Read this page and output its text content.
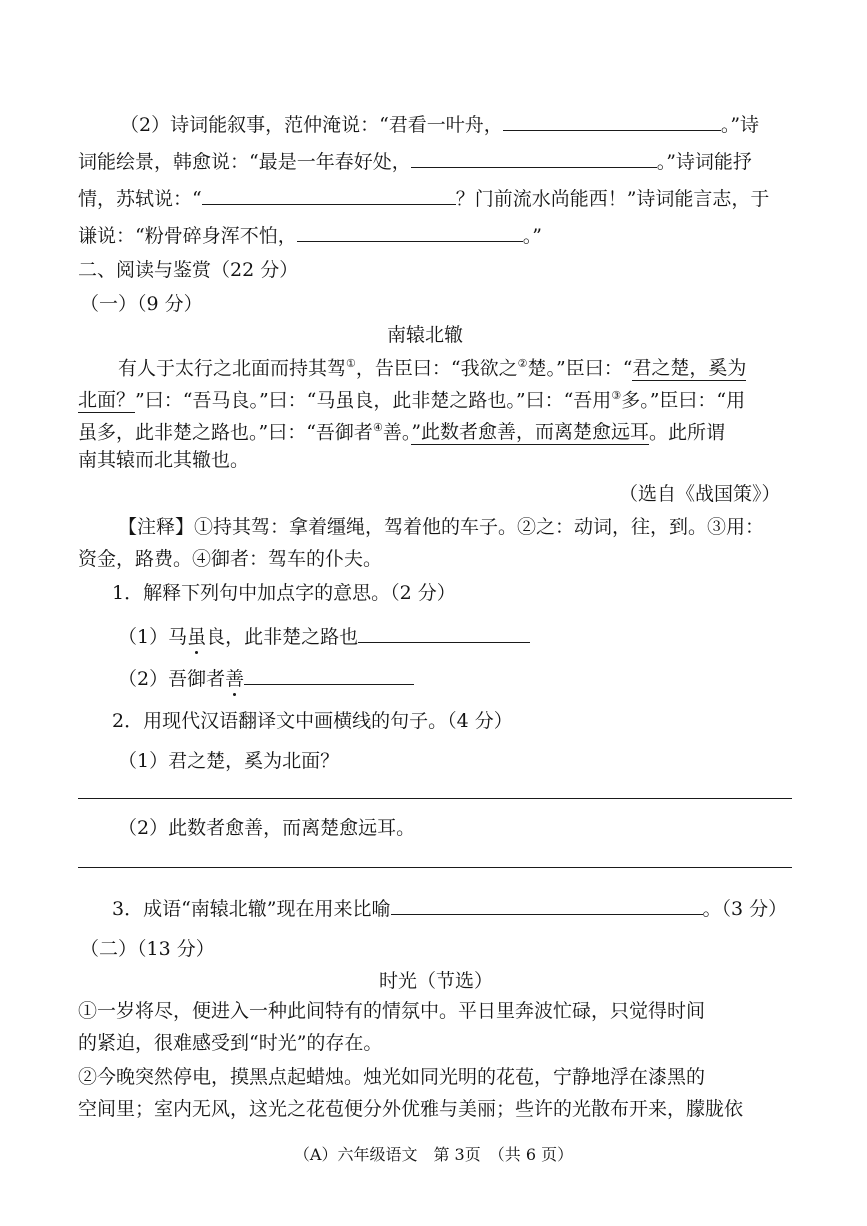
（2）诗词能叙事，范仲淹说：“君看一叶舟，	。”诗
词能绘景，韩愈说：“最是一年春好处，	。”诗词能抒
情，苏轼说：“	？门前流水尚能西！”诗词能言志，于
谦说：“粉骨碎身浑不怕，	。”
二、阅读与鉴赏（22 分）
（一）（9 分）
南辕北辙
有人于太行之北面而持其驾①，告臣曰：“我欲之②楚。”臣曰：“君之楚，奚为
北面？”曰：“吾马良。”曰：“马虽良，此非楚之路也。”曰：“吾用③多。”臣曰：“用
虽多，此非楚之路也。”曰：“吾御者④善。”此数者愈善，而离楚愈远耳。此所谓
南其辕而北其辙也。
（选自《战国策》）
【注释】①持其驾：拿着缰绳，驾着他的车子。②之：动词，往，到。③用：
资金，路费。④御者：驾车的仆夫。
1．解释下列句中加点字的意思。（2 分）
（1）马虽良，此非楚之路也
（2）吾御者善
2．用现代汉语翻译文中画横线的句子。（4 分）
（1）君之楚，奚为北面？
（2）此数者愈善，而离楚愈远耳。
3．成语“南辕北辙”现在用来比喻	。（3 分）
（二）（13 分）
时光（节选）
①一岁将尽，便进入一种此间特有的情氛中。平日里奔波忙碌，只觉得时间
的紧迫，很难感受到“时光”的存在。
②今晚突然停电，摸黑点起蜡烛。烛光如同光明的花苞，宁静地浮在漆黑的
空间里；室内无风，这光之花苞便分外优雅与美丽；些许的光散布开来，朦胧依
（A）六年级语文　第 3页　（共 6 页）
